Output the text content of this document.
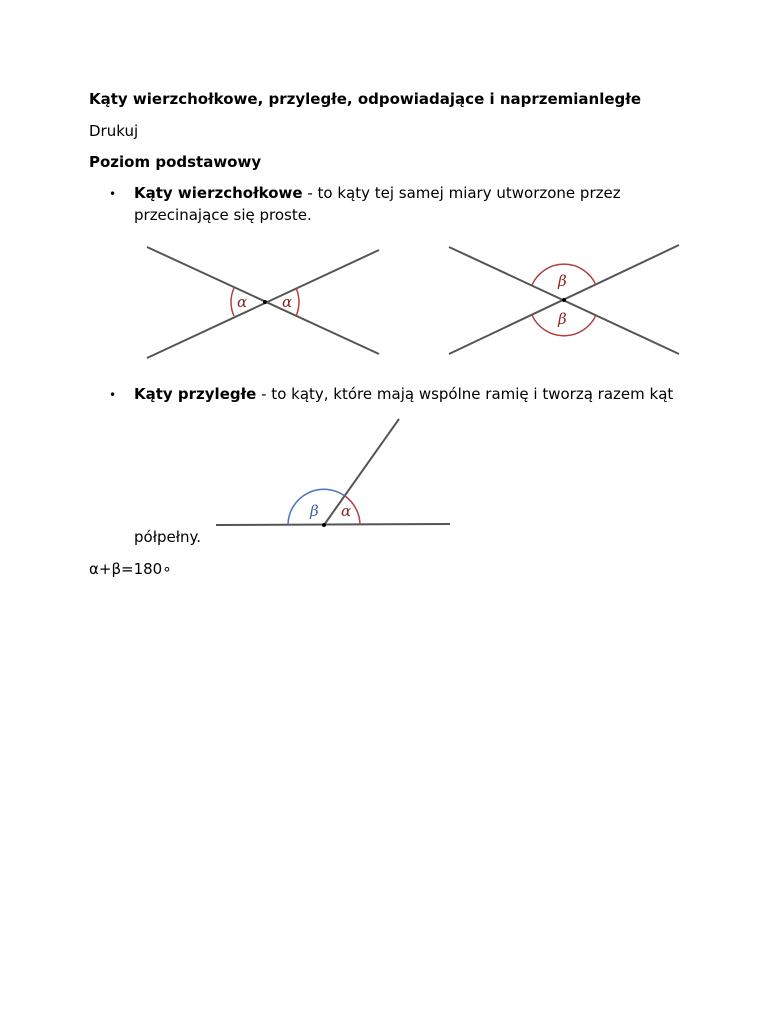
Kąty wierzchołkowe, przyległe, odpowiadające i naprzemianległe
Drukuj
Poziom podstawowy
• Kąty wierzchołkowe - to kąty tej samej miary utworzone przez
przecinające się proste.
α α
β
β
• Kąty przyległe - to kąty, które mają wspólne ramię i tworzą razem kąt
β α
półpełny.
α+β=180∘
